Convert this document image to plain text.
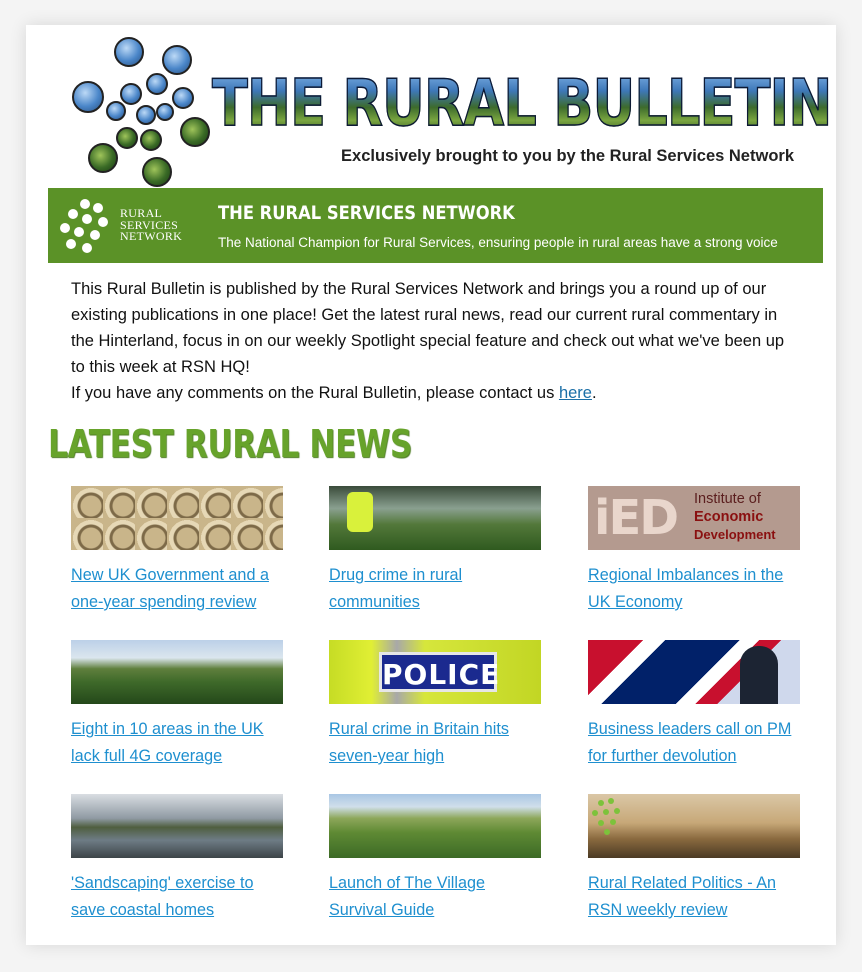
THE RURAL BULLETIN
Exclusively brought to you by the Rural Services Network
RURAL
SERVICES
NETWORK
THE RURAL SERVICES NETWORK
The National Champion for Rural Services, ensuring people in rural areas have a strong voice
This Rural Bulletin is published by the Rural Services Network and brings you a round up of our existing publications in one place! Get the latest rural news, read our current rural commentary in the Hinterland, focus in on our weekly Spotlight special feature and check out what we've been up to this week at RSN HQ!
If you have any comments on the Rural Bulletin, please contact us here.
LATEST RURAL NEWS
New UK Government and a
one-year spending review
Drug crime in rural
communities
iED Institute of
Economic
Development
Regional Imbalances in the
UK Economy
Eight in 10 areas in the UK
lack full 4G coverage
POLICE
Rural crime in Britain hits
seven-year high
Business leaders call on PM
for further devolution
'Sandscaping' exercise to
save coastal homes
Launch of The Village
Survival Guide
Rural Related Politics - An
RSN weekly review
